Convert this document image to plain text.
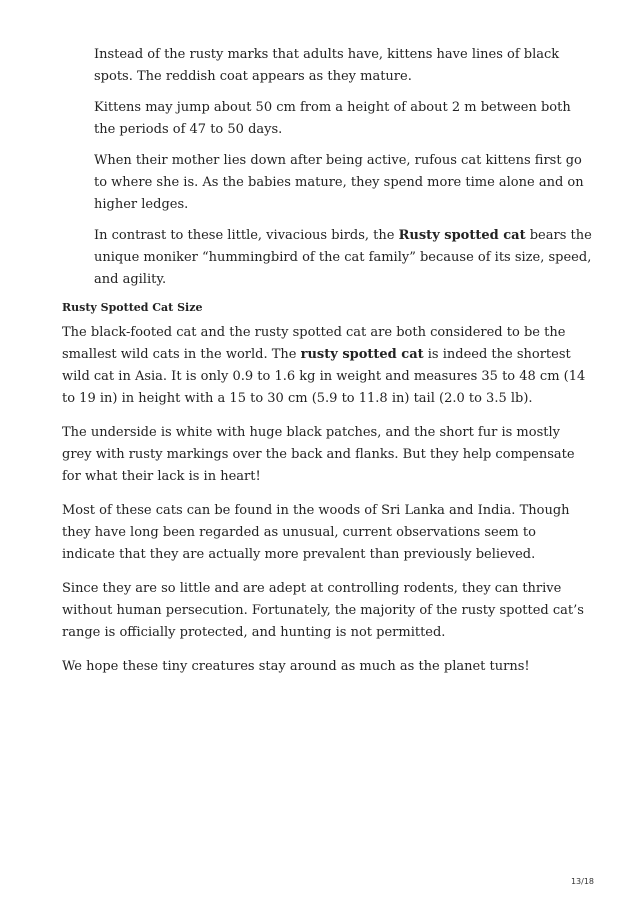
Instead of the rusty marks that adults have, kittens have lines of black spots. The reddish coat appears as they mature.

Kittens may jump about 50 cm from a height of about 2 m between both the periods of 47 to 50 days.

When their mother lies down after being active, rufous cat kittens first go to where she is. As the babies mature, they spend more time alone and on higher ledges.

In contrast to these little, vivacious birds, the Rusty spotted cat bears the unique moniker “hummingbird of the cat family” because of its size, speed, and agility.

Rusty Spotted Cat Size

The black-footed cat and the rusty spotted cat are both considered to be the smallest wild cats in the world. The rusty spotted cat is indeed the shortest wild cat in Asia. It is only 0.9 to 1.6 kg in weight and measures 35 to 48 cm (14 to 19 in) in height with a 15 to 30 cm (5.9 to 11.8 in) tail (2.0 to 3.5 lb).

The underside is white with huge black patches, and the short fur is mostly grey with rusty markings over the back and flanks. But they help compensate for what their lack is in heart!

Most of these cats can be found in the woods of Sri Lanka and India. Though they have long been regarded as unusual, current observations seem to indicate that they are actually more prevalent than previously believed.

Since they are so little and are adept at controlling rodents, they can thrive without human persecution. Fortunately, the majority of the rusty spotted cat’s range is officially protected, and hunting is not permitted.

We hope these tiny creatures stay around as much as the planet turns!

13/18
